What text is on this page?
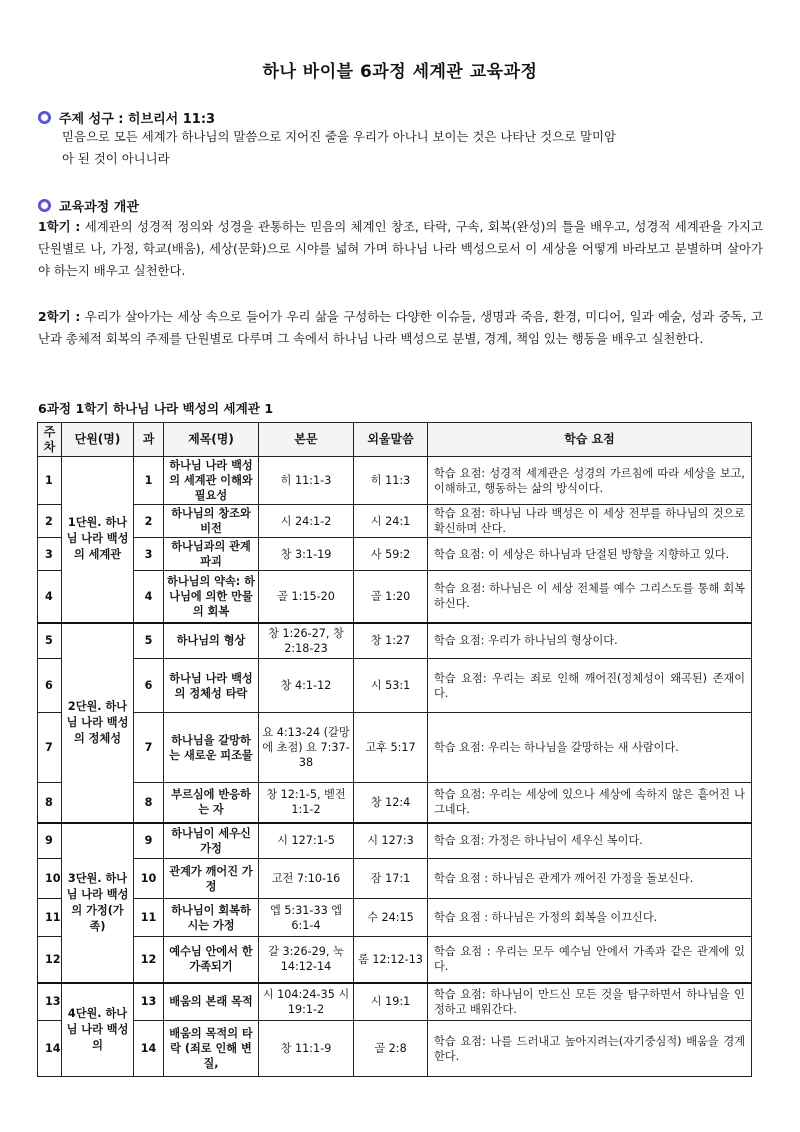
하나 바이블 6과정 세계관 교육과정
주제 성구 : 히브리서 11:3
믿음으로 모든 세계가 하나님의 말씀으로 지어진 줄을 우리가 아나니 보이는 것은 나타난 것으로 말미암
아 된 것이 아니니라
교육과정 개관
1학기 : 세계관의 성경적 정의와 성경을 관통하는 믿음의 체계인 창조, 타락, 구속, 회복(완성)의 틀을 배우고, 성경적 세계관을 가지고 단원별로 나, 가정, 학교(배움), 세상(문화)으로 시야를 넓혀 가며 하나님 나라 백성으로서 이 세상을 어떻게 바라보고 분별하며 살아가야 하는지 배우고 실천한다.
2학기 : 우리가 살아가는 세상 속으로 들어가 우리 삶을 구성하는 다양한 이슈들, 생명과 죽음, 환경, 미디어, 일과 예술, 성과 중독, 고난과 총체적 회복의 주제를 단원별로 다루며 그 속에서 하나님 나라 백성으로 분별, 경계, 책임 있는 행동을 배우고 실천한다.
6과정 1학기 하나님 나라 백성의 세계관 1
주차	단원(명)	과	제목(명)	본문	외울말씀	학습 요점
1	1단원. 하나님 나라 백성의 세계관	1	하나님 나라 백성의 세계관 이해와 필요성	히 11:1-3	히 11:3	학습 요점: 성경적 세계관은 성경의 가르침에 따라 세상을 보고, 이해하고, 행동하는 삶의 방식이다.
2		2	하나님의 창조와 비전	시 24:1-2	시 24:1	학습 요점: 하나님 나라 백성은 이 세상 전부를 하나님의 것으로 확신하며 산다.
3		3	하나님과의 관계 파괴	창 3:1-19	사 59:2	학습 요점: 이 세상은 하나님과 단절된 방향을 지향하고 있다.
4		4	하나님의 약속: 하나님에 의한 만물의 회복	골 1:15-20	골 1:20	학습 요점: 하나님은 이 세상 전체를 예수 그리스도를 통해 회복하신다.
5	2단원. 하나님 나라 백성의 정체성	5	하나님의 형상	창 1:26-27, 창 2:18-23	창 1:27	학습 요점: 우리가 하나님의 형상이다.
6		6	하나님 나라 백성의 정체성 타락	창 4:1-12	시 53:1	학습 요점: 우리는 죄로 인해 깨어진(정체성이 왜곡된) 존재이다.
7		7	하나님을 갈망하는 새로운 피조물	요 4:13-24 (갈망에 초점) 요 7:37-38	고후 5:17	학습 요점: 우리는 하나님을 갈망하는 새 사람이다.
8		8	부르심에 반응하는 자	창 12:1-5, 벧전 1:1-2	창 12:4	학습 요점: 우리는 세상에 있으나 세상에 속하지 않은 흩어진 나그네다.
9	3단원. 하나님 나라 백성의 가정(가족)	9	하나님이 세우신 가정	시 127:1-5	시 127:3	학습 요점: 가정은 하나님이 세우신 복이다.
10		10	관계가 깨어진 가정	고전 7:10-16	잠 17:1	학습 요점 : 하나님은 관계가 깨어진 가정을 돌보신다.
11		11	하나님이 회복하시는 가정	엡 5:31-33 엡 6:1-4	수 24:15	학습 요점 : 하나님은 가정의 회복을 이끄신다.
12		12	예수님 안에서 한 가족되기	갈 3:26-29, 눅 14:12-14	롬 12:12-13	학습 요점 : 우리는 모두 예수님 안에서 가족과 같은 관계에 있다.
13	4단원. 하나님 나라 백성의	13	배움의 본래 목적	시 104:24-35 시 19:1-2	시 19:1	학습 요점: 하나님이 만드신 모든 것을 탐구하면서 하나님을 인정하고 배워간다.
14		14	배움의 목적의 타락 (죄로 인해 변질,	창 11:1-9	골 2:8	학습 요점: 나를 드러내고 높아지려는(자기중심적) 배움을 경계한다.
